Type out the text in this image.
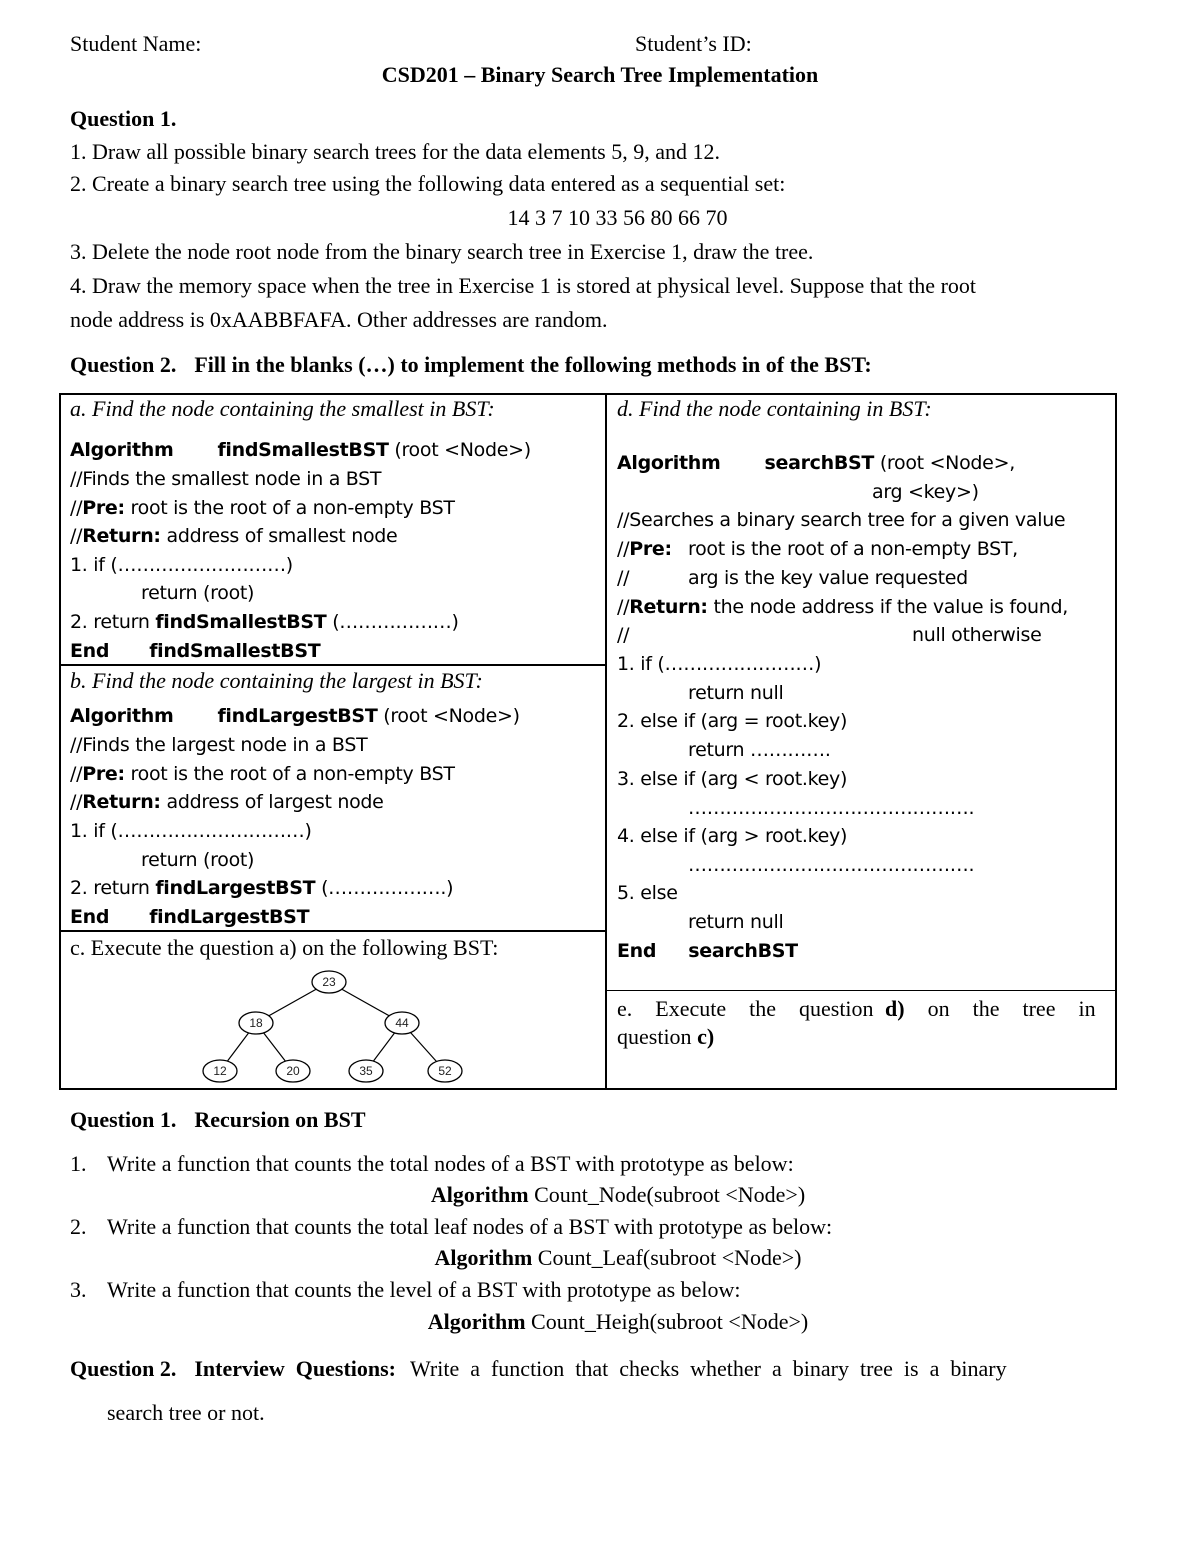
Student Name:	Student’s ID:
CSD201 – Binary Search Tree Implementation
Question 1.
1. Draw all possible binary search trees for the data elements 5, 9, and 12.
2. Create a binary search tree using the following data entered as a sequential set:
14 3 7 10 33 56 80 66 70
3. Delete the node root node from the binary search tree in Exercise 1, draw the tree.
4. Draw the memory space when the tree in Exercise 1 is stored at physical level. Suppose that the root
node address is 0xAABBFAFA. Other addresses are random.
Question 2. Fill in the blanks (…) to implement the following methods in of the BST:
a. Find the node containing the smallest in BST:
Algorithm findSmallestBST (root <Node>)
//Finds the smallest node in a BST
//Pre: root is the root of a non-empty BST
//Return: address of smallest node
1. if (………………………)
return (root)
2. return findSmallestBST (………………)
End findSmallestBST
b. Find the node containing the largest in BST:
Algorithm findLargestBST (root <Node>)
//Finds the largest node in a BST
//Pre: root is the root of a non-empty BST
//Return: address of largest node
1. if (…………………………)
return (root)
2. return findLargestBST (……………….)
End findLargestBST
c. Execute the question a) on the following BST:
23
18	44
12	20	35	52
d. Find the node containing in BST:
Algorithm searchBST (root <Node>,
arg <key>)
//Searches a binary search tree for a given value
//Pre: root is the root of a non-empty BST,
//	arg is the key value requested
//Return: the node address if the value is found,
//	null otherwise
1. if (……………………)
return null
2. else if (arg = root.key)
return ………….
3. else if (arg < root.key)
……………………………………….
4. else if (arg > root.key)
……………………………………….
5. else
return null
End searchBST
e.  Execute  the  question d)  on  the  tree  in
question c)
Question 1. Recursion on BST
1. Write a function that counts the total nodes of a BST with prototype as below:
Algorithm Count_Node(subroot <Node>)
2. Write a function that counts the total leaf nodes of a BST with prototype as below:
Algorithm Count_Leaf(subroot <Node>)
3. Write a function that counts the level of a BST with prototype as below:
Algorithm Count_Heigh(subroot <Node>)
Question 2. Interview  Questions: Write  a  function  that  checks  whether  a  binary  tree  is  a  binary
search tree or not.
